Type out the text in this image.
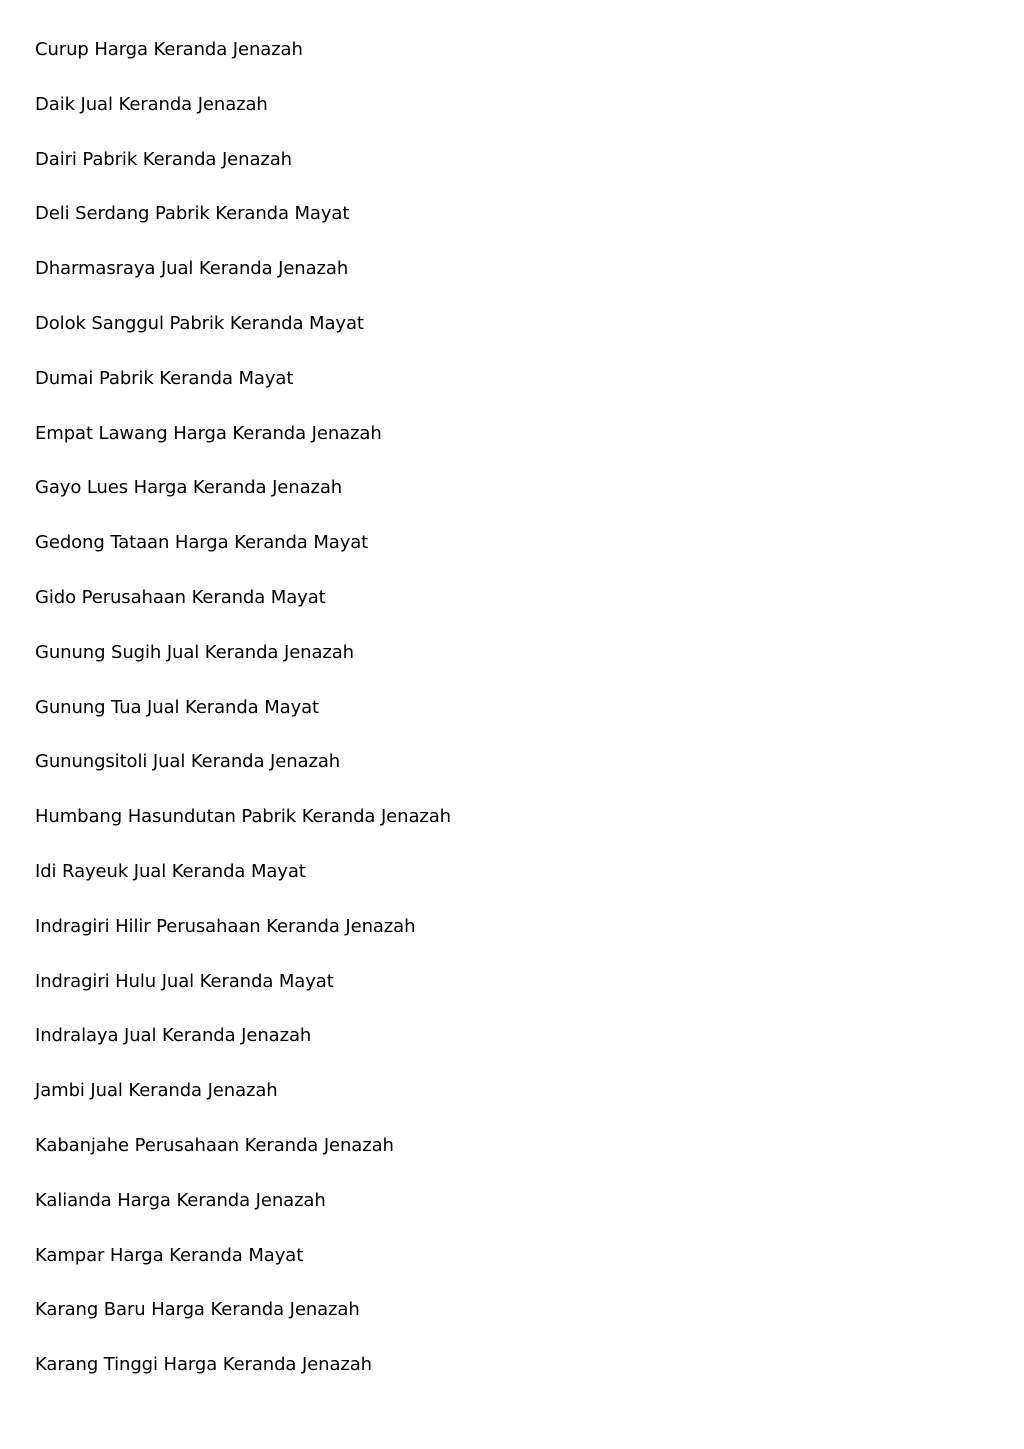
Curup Harga Keranda Jenazah
Daik Jual Keranda Jenazah
Dairi Pabrik Keranda Jenazah
Deli Serdang Pabrik Keranda Mayat
Dharmasraya Jual Keranda Jenazah
Dolok Sanggul Pabrik Keranda Mayat
Dumai Pabrik Keranda Mayat
Empat Lawang Harga Keranda Jenazah
Gayo Lues Harga Keranda Jenazah
Gedong Tataan Harga Keranda Mayat
Gido Perusahaan Keranda Mayat
Gunung Sugih Jual Keranda Jenazah
Gunung Tua Jual Keranda Mayat
Gunungsitoli Jual Keranda Jenazah
Humbang Hasundutan Pabrik Keranda Jenazah
Idi Rayeuk Jual Keranda Mayat
Indragiri Hilir Perusahaan Keranda Jenazah
Indragiri Hulu Jual Keranda Mayat
Indralaya Jual Keranda Jenazah
Jambi Jual Keranda Jenazah
Kabanjahe Perusahaan Keranda Jenazah
Kalianda Harga Keranda Jenazah
Kampar Harga Keranda Mayat
Karang Baru Harga Keranda Jenazah
Karang Tinggi Harga Keranda Jenazah
